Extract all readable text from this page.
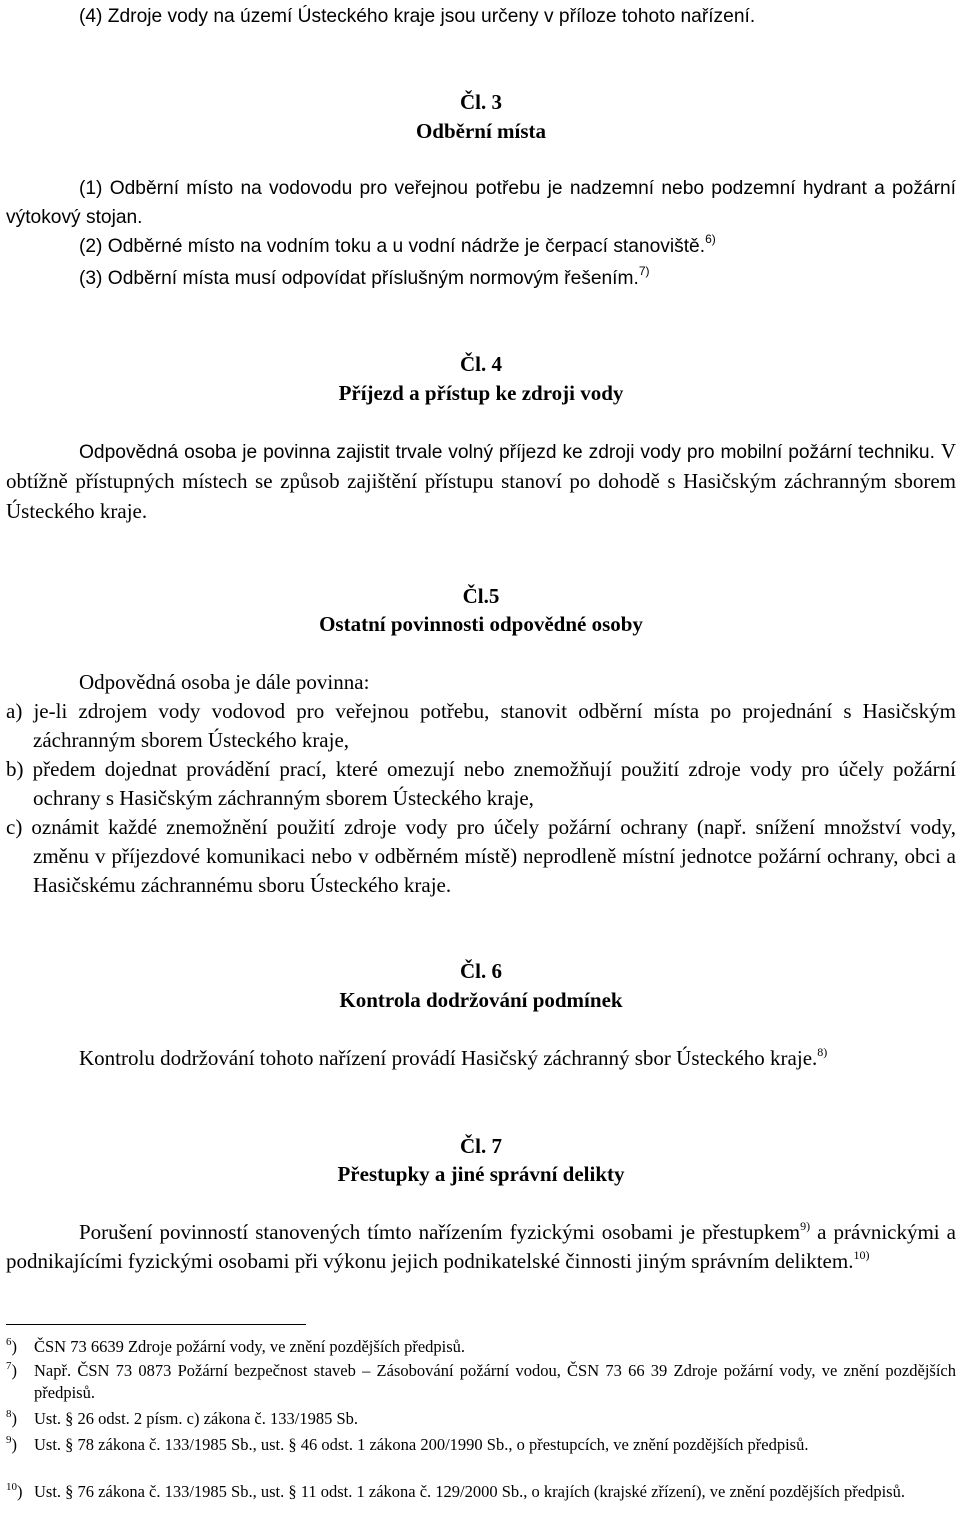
(4) Zdroje vody na území Ústeckého kraje jsou určeny v příloze tohoto nařízení.
Čl. 3
Odběrní místa
(1) Odběrní místo na vodovodu pro veřejnou potřebu je nadzemní nebo podzemní hydrant a požární výtokový stojan.
(2) Odběrné místo na vodním toku a u vodní nádrže je čerpací stanoviště.$^{6)}$
(3) Odběrní místa musí odpovídat příslušným normovým řešením.$^{7)}$
Čl. 4
Příjezd a přístup ke zdroji vody
Odpovědná osoba je povinna zajistit trvale volný příjezd ke zdroji vody pro mobilní požární techniku. V obtížně přístupných místech se způsob zajištění přístupu stanoví po dohodě s Hasičským záchranným sborem Ústeckého kraje.
Čl.5
Ostatní povinnosti odpovědné osoby
Odpovědná osoba je dále povinna:
a) je-li zdrojem vody vodovod pro veřejnou potřebu, stanovit odběrní místa po projednání s Hasičským záchranným sborem Ústeckého kraje,
b) předem dojednat provádění prací, které omezují nebo znemožňují použití zdroje vody pro účely požární ochrany s Hasičským záchranným sborem Ústeckého kraje,
c) oznámit každé znemožnění použití zdroje vody pro účely požární ochrany (např. snížení množství vody, změnu v příjezdové komunikaci nebo v odběrném místě) neprodleně místní jednotce požární ochrany, obci a Hasičskému záchrannému sboru Ústeckého kraje.
Čl. 6
Kontrola dodržování podmínek
Kontrolu dodržování tohoto nařízení provádí Hasičský záchranný sbor Ústeckého kraje.$^{8)}$
Čl. 7
Přestupky a jiné správní delikty
Porušení povinností stanovených tímto nařízením fyzickými osobami je přestupkem$^{9)}$ a právnickými a podnikajícími fyzickými osobami při výkonu jejich podnikatelské činnosti jiným správním deliktem.$^{10)}$
$^6$) ČSN 73 6639 Zdroje požární vody, ve znění pozdějších předpisů.
$^7$) Např. ČSN 73 0873 Požární bezpečnost staveb – Zásobování požární vodou, ČSN 73 66 39 Zdroje požární vody, ve znění pozdějších předpisů.
$^8$) Ust. § 26 odst. 2 písm. c) zákona č. 133/1985 Sb.
$^9$) Ust. § 78 zákona č. 133/1985 Sb., ust. § 46 odst. 1 zákona 200/1990 Sb., o přestupcích, ve znění pozdějších předpisů.
$^{10}$) Ust. § 76 zákona č. 133/1985 Sb., ust. § 11 odst. 1 zákona č. 129/2000 Sb., o krajích (krajské zřízení), ve znění pozdějších předpisů.
